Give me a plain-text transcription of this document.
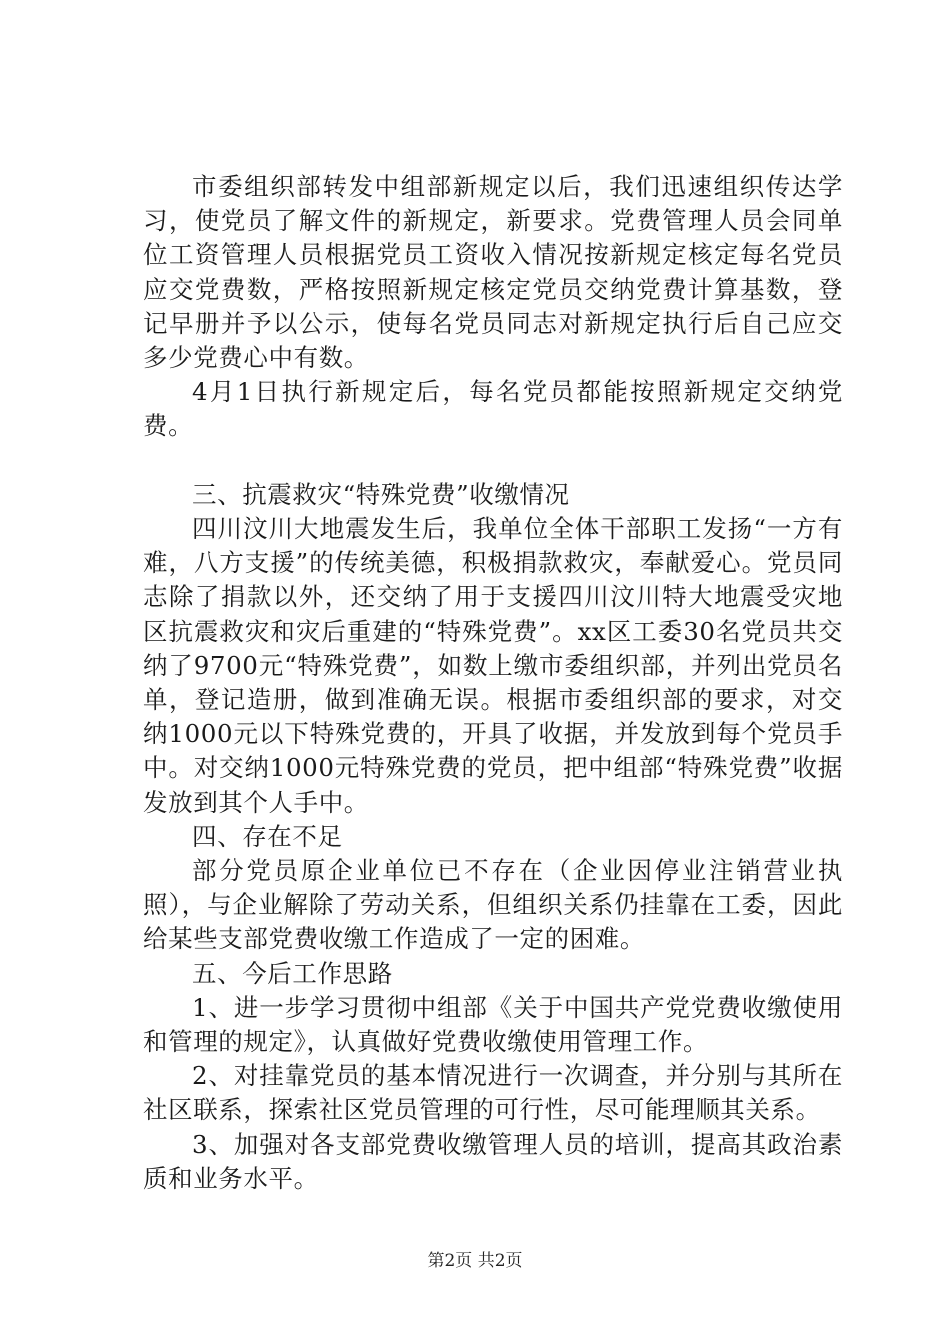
市委组织部转发中组部新规定以后，我们迅速组织传达学习，使党员了解文件的新规定，新要求。党费管理人员会同单位工资管理人员根据党员工资收入情况按新规定核定每名党员应交党费数，严格按照新规定核定党员交纳党费计算基数，登记早册并予以公示，使每名党员同志对新规定执行后自己应交多少党费心中有数。

4月1日执行新规定后，每名党员都能按照新规定交纳党费。

三、抗震救灾“特殊党费”收缴情况

四川汶川大地震发生后，我单位全体干部职工发扬“一方有难，八方支援”的传统美德，积极捐款救灾，奉献爱心。党员同志除了捐款以外，还交纳了用于支援四川汶川特大地震受灾地区抗震救灾和灾后重建的“特殊党费”。xx区工委30名党员共交纳了9700元“特殊党费”，如数上缴市委组织部，并列出党员名单，登记造册，做到准确无误。根据市委组织部的要求，对交纳1000元以下特殊党费的，开具了收据，并发放到每个党员手中。对交纳1000元特殊党费的党员，把中组部“特殊党费”收据发放到其个人手中。

四、存在不足

部分党员原企业单位已不存在（企业因停业注销营业执照），与企业解除了劳动关系，但组织关系仍挂靠在工委，因此给某些支部党费收缴工作造成了一定的困难。

五、今后工作思路

1、进一步学习贯彻中组部《关于中国共产党党费收缴使用和管理的规定》，认真做好党费收缴使用管理工作。

2、对挂靠党员的基本情况进行一次调查，并分别与其所在社区联系，探索社区党员管理的可行性，尽可能理顺其关系。

3、加强对各支部党费收缴管理人员的培训，提高其政治素质和业务水平。

第2页 共2页
